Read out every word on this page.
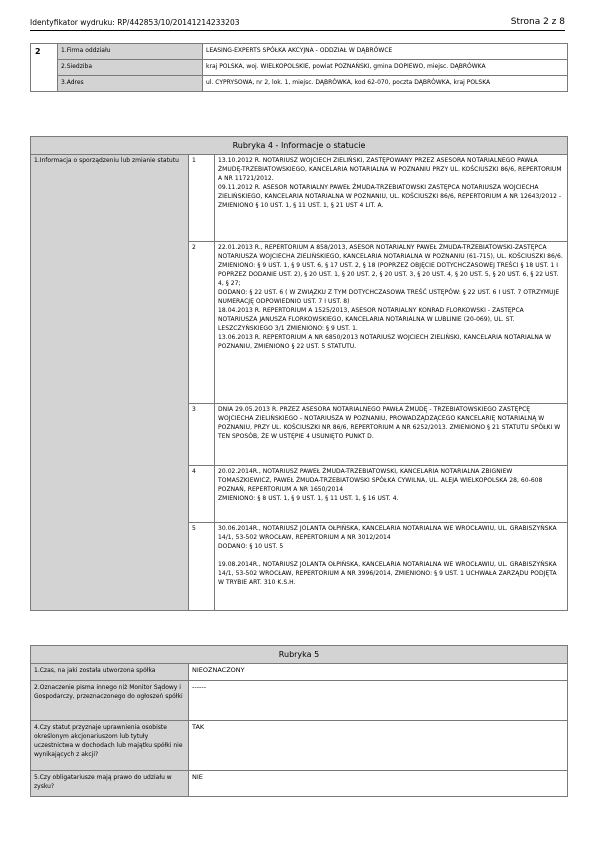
Identyfikator wydruku: RP/442853/10/20141214233203	Strona 2 z 8
2	1.Firma oddziału	LEASING-EXPERTS SPÓŁKA AKCYJNA - ODDZIAŁ W DĄBRÓWCE
	2.Siedziba	kraj POLSKA, woj. WIELKOPOLSKIE, powiat POZNAŃSKI, gmina DOPIEWO, miejsc. DĄBRÓWKA
	3.Adres	ul. CYPRYSOWA, nr 2, lok. 1, miejsc. DĄBRÓWKA, kod 62-070, poczta DĄBRÓWKA, kraj POLSKA
Rubryka 4 - Informacje o statucie		
1.Informacja o sporządzeniu lub zmianie statutu	1	13.10.2012 R. NOTARIUSZ WOJCIECH ZIELIŃSKI, ZASTĘPOWANY PRZEZ ASESORA NOTARIALNEGO PAWŁA ŻMUDĘ-TRZEBIATOWSKIEGO, KANCELARIA NOTARIALNA W POZNANIU PRZY UL. KOŚCIUSZKI 86/6, REPERTORIUM A NR 11721/2012.

09.11.2012 R. ASESOR NOTARIALNY PAWEŁ ŻMUDA-TRZEBIATOWSKI ZASTĘPCA NOTARIUSZA WOJCIECHA ZIELIŃSKIEGO, KANCELARIA NOTARIALNA W POZNANIU, UL. KOŚCIUSZKI 86/6, REPERTORIUM A NR 12643/2012 - ZMIENIONO § 10 UST. 1, § 11 UST. 1, § 21 UST 4 LIT. A.

	2	22.01.2013 R., REPERTORIUM A 858/2013, ASESOR NOTARIALNY PAWEŁ ŻMUDA-TRZEBIATOWSKI-ZASTĘPCA NOTARIUSZA WOJCIECHA ZIELIŃSKIEGO, KANCELARIA NOTARIALNA W POZNANIU (61-715), UL. KOŚCIUSZKI 86/6.

ZMIENIONO: § 9 UST. 1, § 9 UST. 6, § 17 UST. 2, § 18 (POPRZEZ OBJĘCIE DOTYCHCZASOWEJ TREŚCI § 18 UST. 1 I POPRZEZ DODANIE UST. 2), § 20 UST. 1, § 20 UST. 2, § 20 UST. 3, § 20 UST. 4, § 20 UST. 5, § 20 UST. 6, § 22 UST. 4, § 27;

DODANO: § 22 UST. 6 ( W ZWIĄZKU Z TYM DOTYCHCZASOWA TREŚĆ USTĘPÓW: § 22 UST. 6 I UST. 7 OTRZYMUJE NUMERACJĘ ODPOWIEDNIO UST. 7 I UST. 8)

18.04.2013 R. REPERTORIUM A 1525/2013, ASESOR NOTARIALNY KONRAD FLORKOWSKI - ZASTĘPCA NOTARIUSZA JANUSZA FLORKOWSKIEGO, KANCELARIA NOTARIALNA W LUBLINIE (20-069), UL. ST. LESZCZYŃSKIEGO 3/1 ZMIENIONO: § 9 UST. 1.

13.06.2013 R. REPERTORIUM A NR 6850/2013 NOTARIUSZ WOJCIECH ZIELIŃSKI, KANCELARIA NOTARIALNA W POZNANIU, ZMIENIONO § 22 UST. 5 STATUTU.

	3	DNIA 29.05.2013 R. PRZEZ ASESORA NOTARIALNEGO PAWŁA ŻMUDĘ - TRZEBIATOWSKIEGO ZASTĘPCĘ WOJCIECHA ZIELIŃSKIEGO - NOTARIUSZA W POZNANIU, PROWADZĄDZĄCEGO KANCELARIĘ NOTARIALNĄ W POZNANIU, PRZY UL. KOŚCIUSZKI NR 86/6, REPERTORIUM A NR 6252/2013. ZMIENIONO § 21 STATUTU SPÓŁKI W TEN SPOSÓB, ŻE W USTĘPIE 4 USUNIĘTO PUNKT D.

	4	20.02.2014R., NOTARIUSZ PAWEŁ ŻMUDA-TRZEBIATOWSKI, KANCELARIA NOTARIALNA ZBIGNIEW TOMASZKIEWICZ, PAWEŁ ŻMUDA-TRZEBIATOWSKI SPÓŁKA CYWILNA, UL. ALEJA WIELKOPOLSKA 28, 60-608 POZNAŃ, REPERTORIUM A NR 1650/2014

ZMIENIONO: § 8 UST. 1, § 9 UST. 1, § 11 UST. 1, § 16 UST. 4.

	5	30.06.2014R., NOTARIUSZ JOLANTA OŁPIŃSKA, KANCELARIA NOTARIALNA WE WROCŁAWIU, UL. GRABISZYŃSKA 14/1, 53-502 WROCŁAW, REPERTORIUM A NR 3012/2014

DODANO: § 10 UST. 5

19.08.2014R., NOTARIUSZ JOLANTA OŁPIŃSKA, KANCELARIA NOTARIALNA WE WROCŁAWIU, UL. GRABISZYŃSKA 14/1, 53-502 WROCŁAW, REPERTORIUM A NR 3996/2014, ZMIENIONO: § 9 UST. 1 UCHWAŁA ZARZĄDU PODJĘTA W TRYBIE ART. 310 K.S.H.

Rubryka 5	
1.Czas, na jaki została utworzona spółka	NIEOZNACZONY
2.Oznaczenie pisma innego niż Monitor Sądowy i Gospodarczy, przeznaczonego do ogłoszeń spółki	------
4.Czy statut przyznaje uprawnienia osobiste określonym akcjonariuszom lub tytuły uczestnictwa w dochodach lub majątku spółki nie wynikających z akcji?	TAK
5.Czy obligatariusze mają prawo do udziału w zysku?	NIE
